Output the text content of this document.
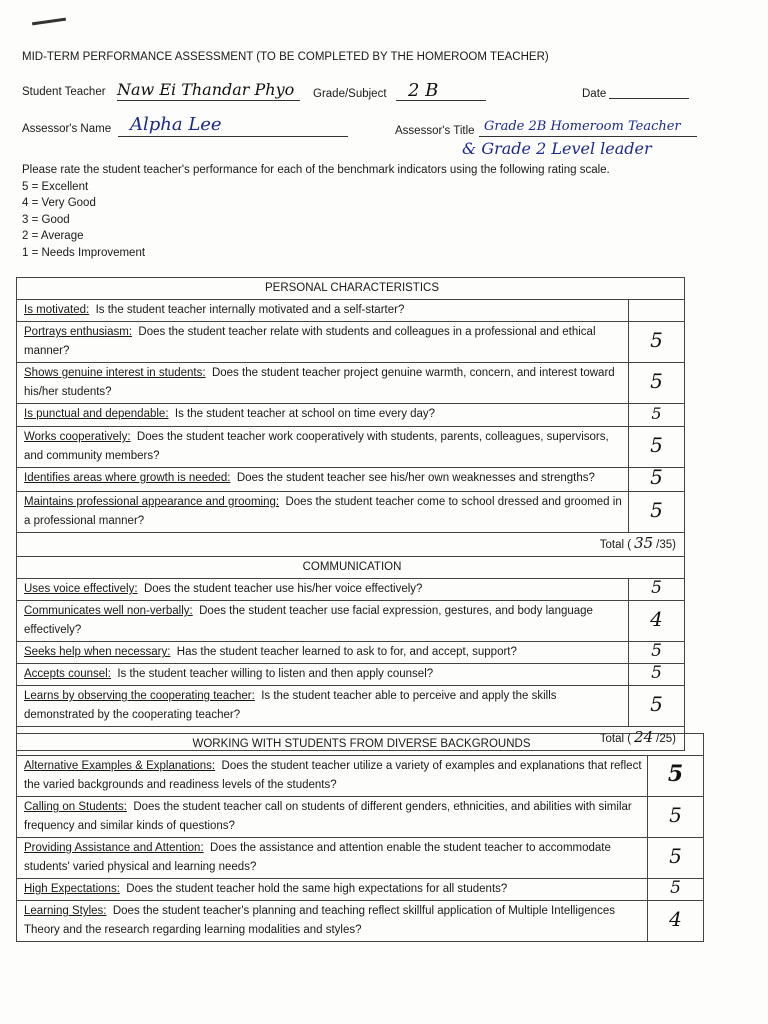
MID-TERM PERFORMANCE ASSESSMENT (TO BE COMPLETED BY THE HOMEROOM TEACHER)
Student Teacher Naw Ei Thandar Phyo Grade/Subject 2 B	Date
Assessor's Name Alpha Lee	Assessor's Title Grade 2B Homeroom Teacher
& Grade 2 Level leader
Please rate the student teacher's performance for each of the benchmark indicators using the following rating scale.
5 = Excellent
4 = Very Good
3 = Good
2 = Average
1 = Needs Improvement
PERSONAL CHARACTERISTICS	
Is motivated: Is the student teacher internally motivated and a self-starter?	
Portrays enthusiasm: Does the student teacher relate with students and colleagues in a professional and ethical manner?	5
Shows genuine interest in students: Does the student teacher project genuine warmth, concern, and interest toward his/her students?	5
Is punctual and dependable: Is the student teacher at school on time every day?	5
Works cooperatively: Does the student teacher work cooperatively with students, parents, colleagues, supervisors, and community members?	5
Identifies areas where growth is needed: Does the student teacher see his/her own weaknesses and strengths?	5
Maintains professional appearance and grooming: Does the student teacher come to school dressed and groomed in a professional manner?	5
Total ( 35 /35)	
COMMUNICATION	
Uses voice effectively: Does the student teacher use his/her voice effectively?	5
Communicates well non-verbally: Does the student teacher use facial expression, gestures, and body language effectively?	4
Seeks help when necessary: Has the student teacher learned to ask to for, and accept, support?	5
Accepts counsel: Is the student teacher willing to listen and then apply counsel?	5
Learns by observing the cooperating teacher: Is the student teacher able to perceive and apply the skills demonstrated by the cooperating teacher?	5
Total ( 24 /25)	
WORKING WITH STUDENTS FROM DIVERSE BACKGROUNDS	
Alternative Examples & Explanations: Does the student teacher utilize a variety of examples and explanations that reflect the varied backgrounds and readiness levels of the students?	5
Calling on Students: Does the student teacher call on students of different genders, ethnicities, and abilities with similar frequency and similar kinds of questions?	5
Providing Assistance and Attention: Does the assistance and attention enable the student teacher to accommodate students' varied physical and learning needs?	5
High Expectations: Does the student teacher hold the same high expectations for all students?	5
Learning Styles: Does the student teacher's planning and teaching reflect skillful application of Multiple Intelligences Theory and the research regarding learning modalities and styles?	4
